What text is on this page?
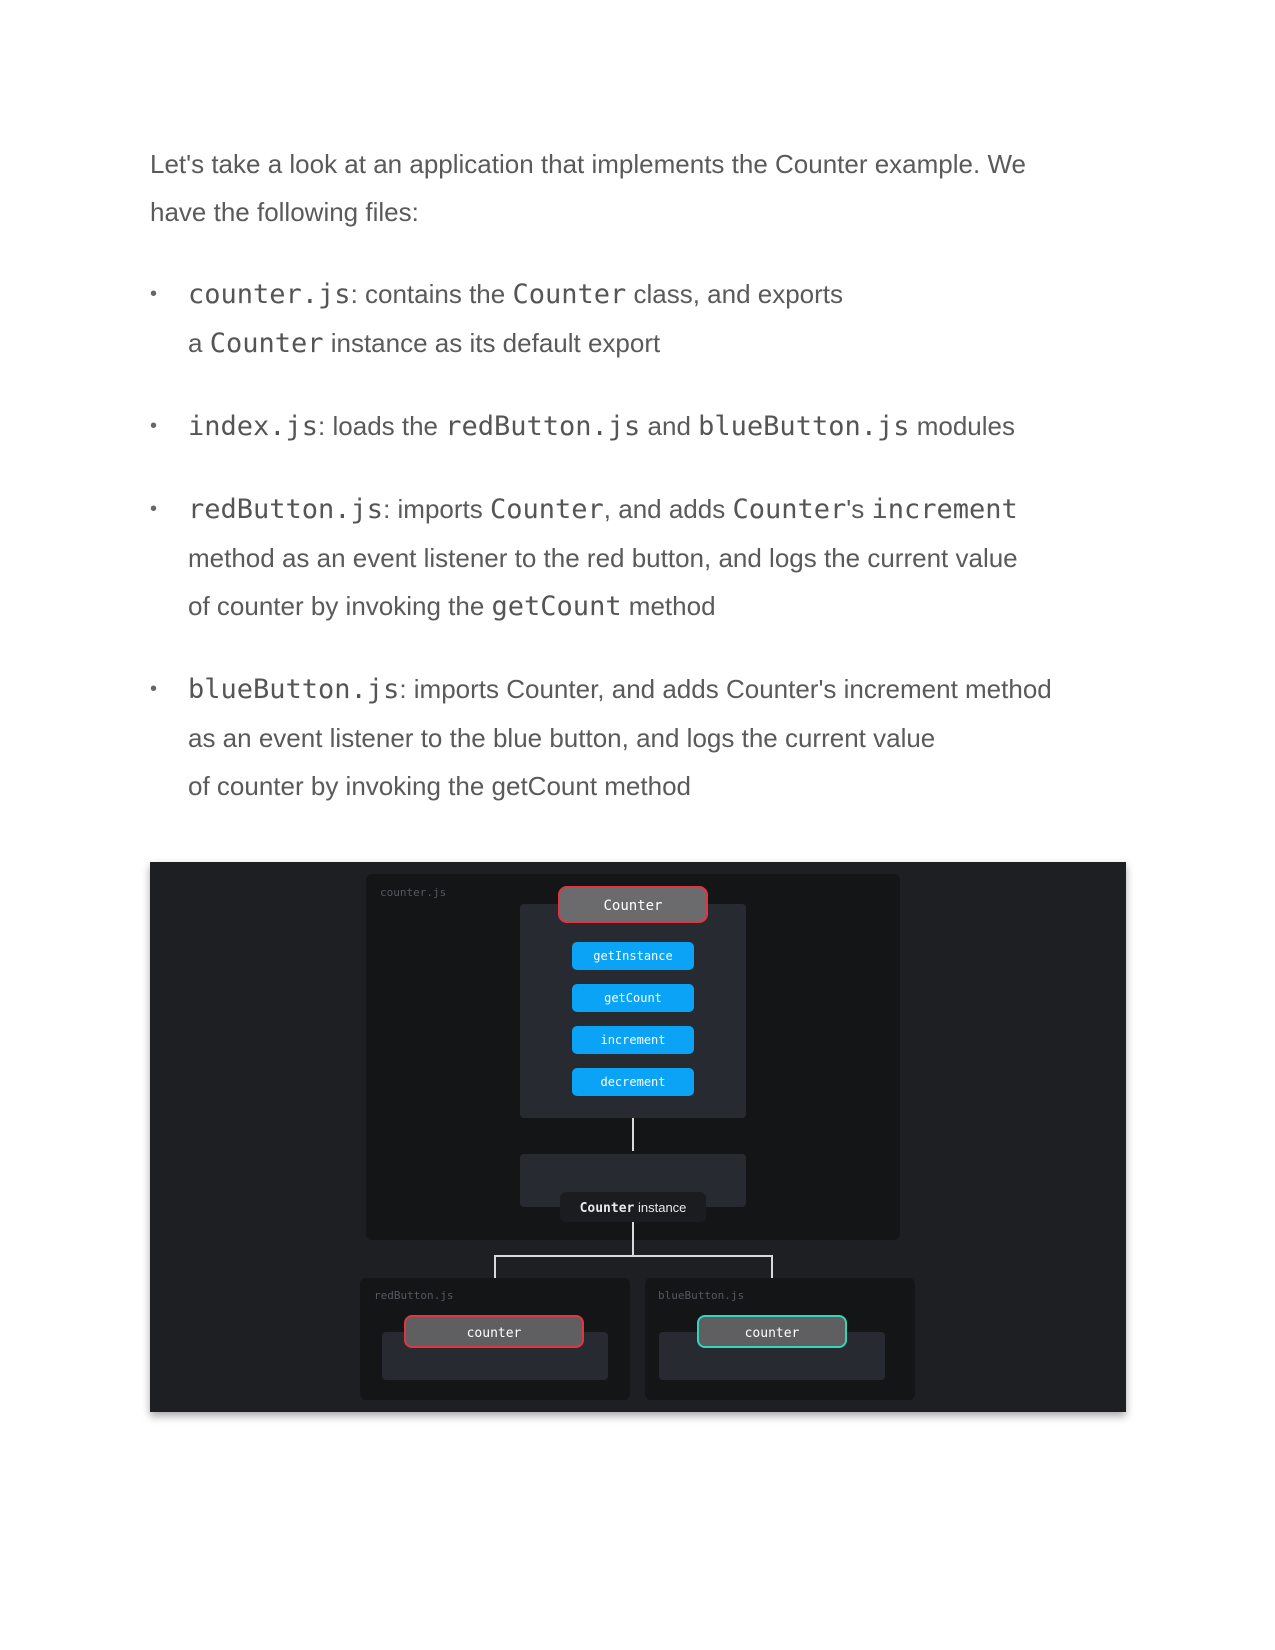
Let's take a look at an application that implements the Counter example. We
have the following files:

• counter.js: contains the Counter class, and exports
a Counter instance as its default export
• index.js: loads the redButton.js and blueButton.js modules
• redButton.js: imports Counter, and adds Counter's increment
method as an event listener to the red button, and logs the current value
of counter by invoking the getCount method
• blueButton.js: imports Counter, and adds Counter's increment method
as an event listener to the blue button, and logs the current value
of counter by invoking the getCount method
counter.js
Counter
getInstance
getCount
increment
decrement
Counter instance
redButton.js
counter
blueButton.js
counter
